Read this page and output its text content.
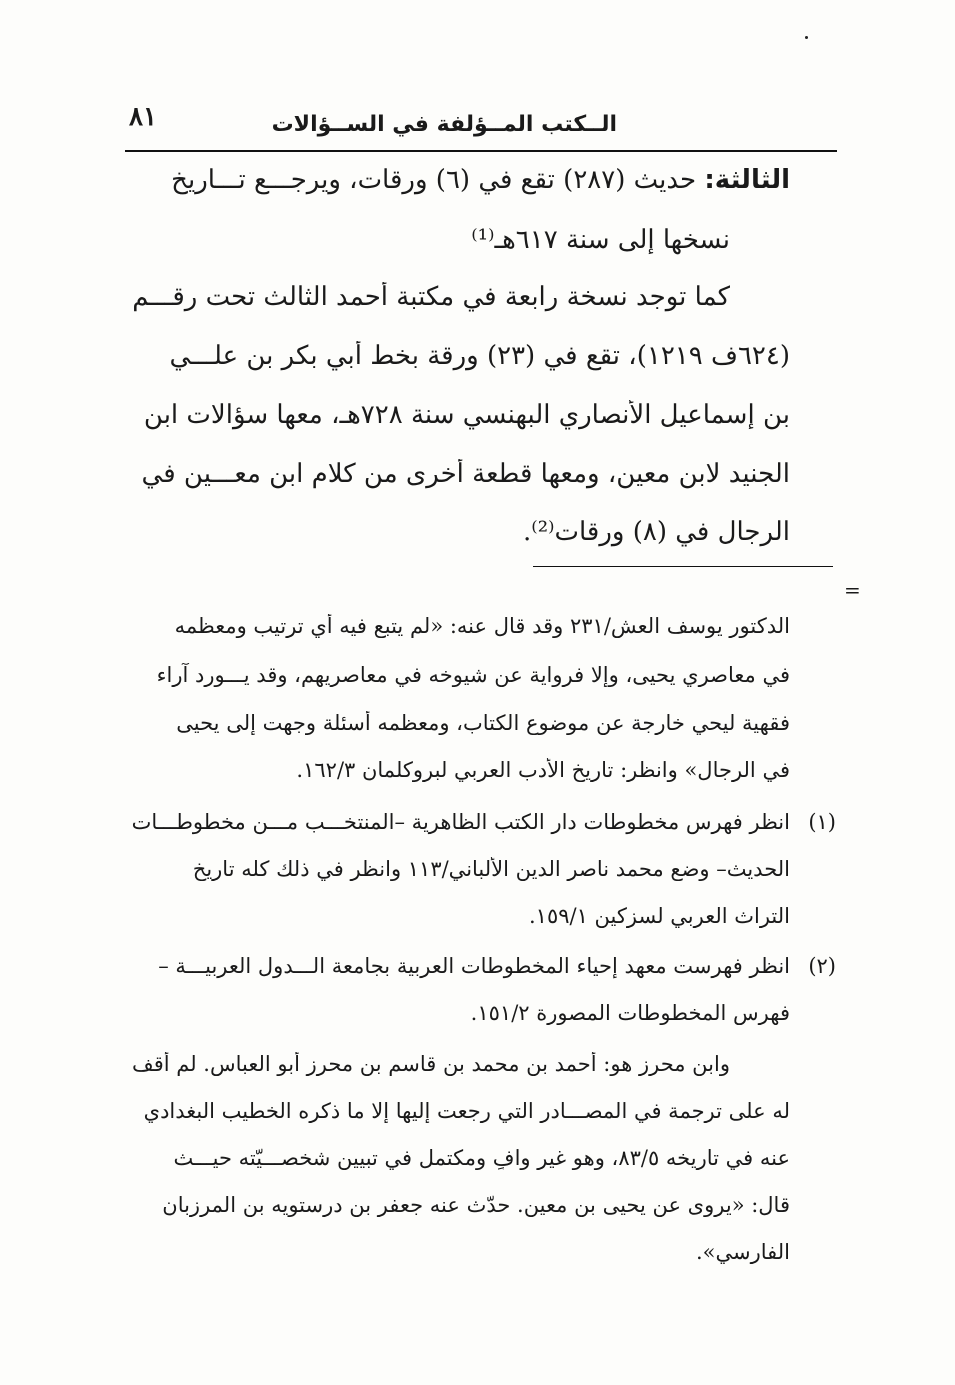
٨١	الــكتب المــؤلفة في الســؤالات
الثالثة: حديث (٢٨٧) تقع في (٦) ورقات، ويرجـــع تـــاريخ
نسخها إلى سنة ٦١٧هـ⁽¹⁾
كما توجد نسخة رابعة في مكتبة أحمد الثالث تحت رقـــم
(٦٢٤ف ١٢١٩)، تقع في (٢٣) ورقة بخط أبي بكر بن علـــي
بن إسماعيل الأنصاري البهنسي سنة ٧٢٨هـ، معها سؤالات ابن
الجنيد لابن معين، ومعها قطعة أخرى من كلام ابن معـــين في
الرجال في (٨) ورقات⁽²⁾.
=
الدكتور يوسف العش/٢٣١ وقد قال عنه: «لم يتبع فيه أي ترتيب ومعظمه
في معاصري يحيى، وإلا فرواية عن شيوخه في معاصريهم، وقد يـــورد آراء
فقهية ليحي خارجة عن موضوع الكتاب، ومعظمه أسئلة وجهت إلى يحيى
في الرجال» وانظر: تاريخ الأدب العربي لبروكلمان ١٦٢/٣.
(١)
انظر فهرس مخطوطات دار الكتب الظاهرية –المنتخـــب مـــن مخطوطـــات
الحديث– وضع محمد ناصر الدين الألباني/١١٣ وانظر في ذلك كله تاريخ
التراث العربي لسزكين ١٥٩/١.
(٢)
انظر فهرست معهد إحياء المخطوطات العربية بجامعة الـــدول العربيـــة –
فهرس المخطوطات المصورة ١٥١/٢.
وابن محرز هو: أحمد بن محمد بن قاسم بن محرز أبو العباس. لم أقف
له على ترجمة في المصـــادر التي رجعت إليها إلا ما ذكره الخطيب البغدادي
عنه في تاريخه ٨٣/٥، وهو غير وافٍ ومكتمل في تبيين شخصـــيّته حيـــث
قال: «يروى عن يحيى بن معين. حدّث عنه جعفر بن درستويه بن المرزبان
الفارسي».
